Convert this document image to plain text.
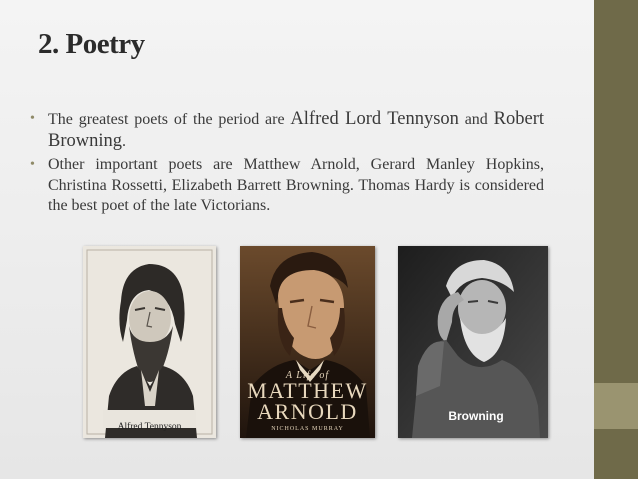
2. Poetry
• The greatest poets of the period are Alfred Lord Tennyson and Robert Browning.
• Other important poets are Matthew Arnold, Gerard Manley Hopkins, Christina Rossetti, Elizabeth Barrett Browning. Thomas Hardy is considered the best poet of the late Victorians.
Alfred Tennyson
A Life of
MATTHEW
ARNOLD
NICHOLAS MURRAY
Browning
